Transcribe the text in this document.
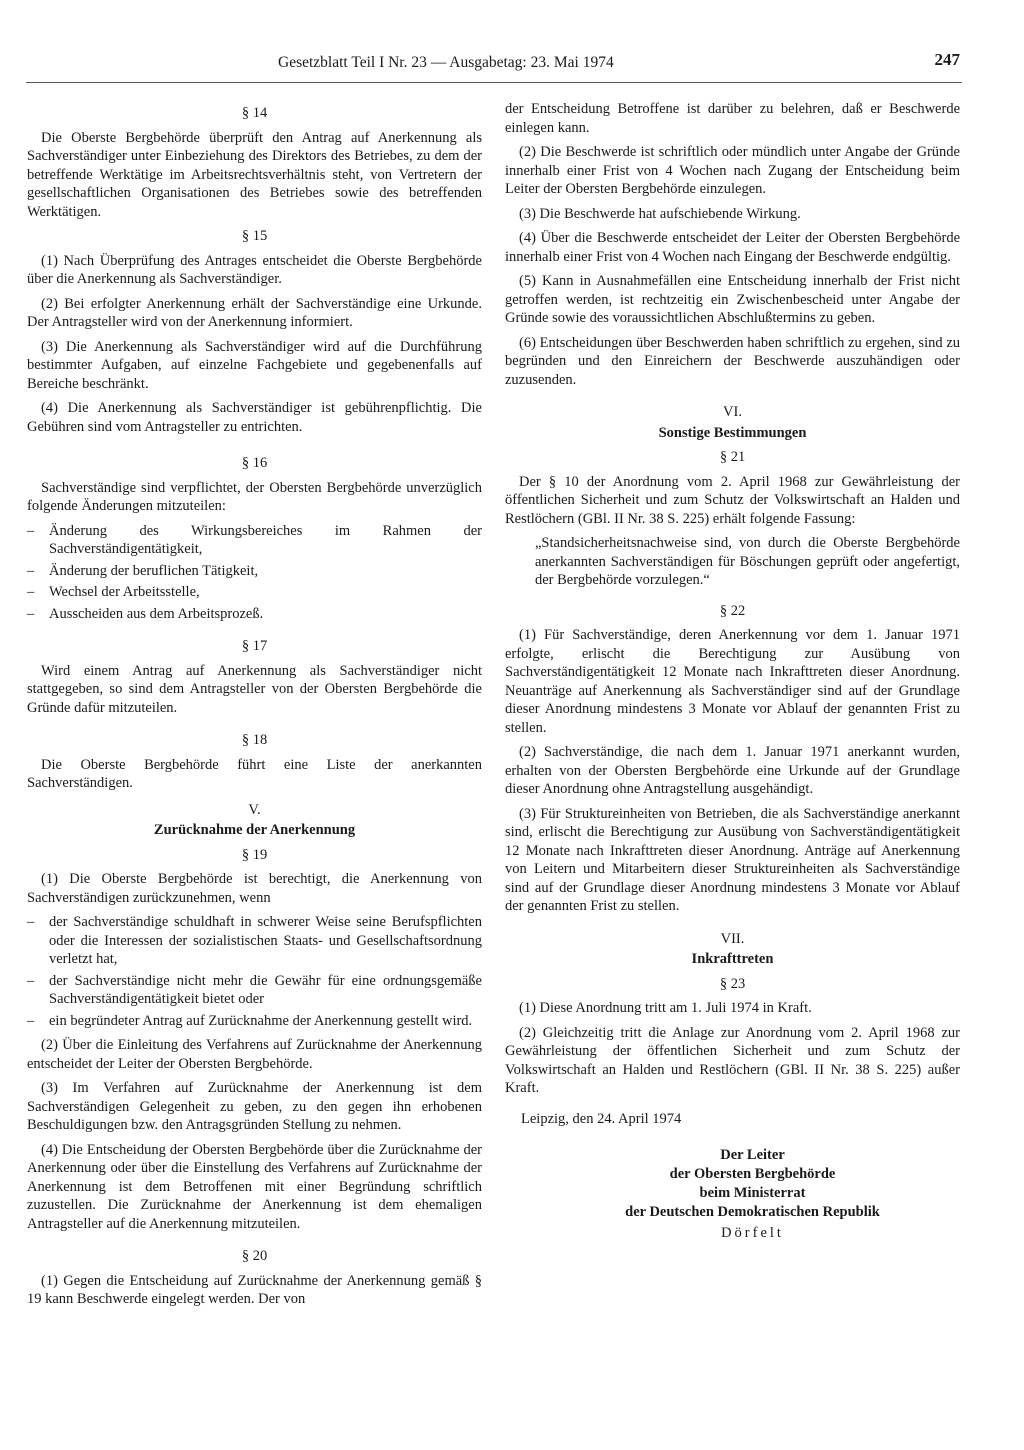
Gesetzblatt Teil I Nr. 23 — Ausgabetag: 23. Mai 1974	247
§ 14
Die Oberste Bergbehörde überprüft den Antrag auf Anerkennung als Sachverständiger unter Einbeziehung des Direktors des Betriebes, zu dem der betreffende Werktätige im Arbeitsrechtsverhältnis steht, von Vertretern der gesellschaftlichen Organisationen des Betriebes sowie des betreffenden Werktätigen.
§ 15
(1) Nach Überprüfung des Antrages entscheidet die Oberste Bergbehörde über die Anerkennung als Sachverständiger.
(2) Bei erfolgter Anerkennung erhält der Sachverständige eine Urkunde. Der Antragsteller wird von der Anerkennung informiert.
(3) Die Anerkennung als Sachverständiger wird auf die Durchführung bestimmter Aufgaben, auf einzelne Fachgebiete und gegebenenfalls auf Bereiche beschränkt.
(4) Die Anerkennung als Sachverständiger ist gebührenpflichtig. Die Gebühren sind vom Antragsteller zu entrichten.
§ 16
Sachverständige sind verpflichtet, der Obersten Bergbehörde unverzüglich folgende Änderungen mitzuteilen:
– Änderung des Wirkungsbereiches im Rahmen der Sachverständigentätigkeit,
– Änderung der beruflichen Tätigkeit,
– Wechsel der Arbeitsstelle,
– Ausscheiden aus dem Arbeitsprozeß.
§ 17
Wird einem Antrag auf Anerkennung als Sachverständiger nicht stattgegeben, so sind dem Antragsteller von der Obersten Bergbehörde die Gründe dafür mitzuteilen.
§ 18
Die Oberste Bergbehörde führt eine Liste der anerkannten Sachverständigen.
V.
Zurücknahme der Anerkennung
§ 19
(1) Die Oberste Bergbehörde ist berechtigt, die Anerkennung von Sachverständigen zurückzunehmen, wenn
– der Sachverständige schuldhaft in schwerer Weise seine Berufspflichten oder die Interessen der sozialistischen Staats- und Gesellschaftsordnung verletzt hat,
– der Sachverständige nicht mehr die Gewähr für eine ordnungsgemäße Sachverständigentätigkeit bietet oder
– ein begründeter Antrag auf Zurücknahme der Anerkennung gestellt wird.
(2) Über die Einleitung des Verfahrens auf Zurücknahme der Anerkennung entscheidet der Leiter der Obersten Bergbehörde.
(3) Im Verfahren auf Zurücknahme der Anerkennung ist dem Sachverständigen Gelegenheit zu geben, zu den gegen ihn erhobenen Beschuldigungen bzw. den Antragsgründen Stellung zu nehmen.
(4) Die Entscheidung der Obersten Bergbehörde über die Zurücknahme der Anerkennung oder über die Einstellung des Verfahrens auf Zurücknahme der Anerkennung ist dem Betroffenen mit einer Begründung schriftlich zuzustellen. Die Zurücknahme der Anerkennung ist dem ehemaligen Antragsteller auf die Anerkennung mitzuteilen.
§ 20
(1) Gegen die Entscheidung auf Zurücknahme der Anerkennung gemäß § 19 kann Beschwerde eingelegt werden. Der von
der Entscheidung Betroffene ist darüber zu belehren, daß er Beschwerde einlegen kann.
(2) Die Beschwerde ist schriftlich oder mündlich unter Angabe der Gründe innerhalb einer Frist von 4 Wochen nach Zugang der Entscheidung beim Leiter der Obersten Bergbehörde einzulegen.
(3) Die Beschwerde hat aufschiebende Wirkung.
(4) Über die Beschwerde entscheidet der Leiter der Obersten Bergbehörde innerhalb einer Frist von 4 Wochen nach Eingang der Beschwerde endgültig.
(5) Kann in Ausnahmefällen eine Entscheidung innerhalb der Frist nicht getroffen werden, ist rechtzeitig ein Zwischenbescheid unter Angabe der Gründe sowie des voraussichtlichen Abschlußtermins zu geben.
(6) Entscheidungen über Beschwerden haben schriftlich zu ergehen, sind zu begründen und den Einreichern der Beschwerde auszuhändigen oder zuzusenden.
VI.
Sonstige Bestimmungen
§ 21
Der § 10 der Anordnung vom 2. April 1968 zur Gewährleistung der öffentlichen Sicherheit und zum Schutz der Volkswirtschaft an Halden und Restlöchern (GBl. II Nr. 38 S. 225) erhält folgende Fassung:
„Standsicherheitsnachweise sind, von durch die Oberste Bergbehörde anerkannten Sachverständigen für Böschungen geprüft oder angefertigt, der Bergbehörde vorzulegen.“
§ 22
(1) Für Sachverständige, deren Anerkennung vor dem 1. Januar 1971 erfolgte, erlischt die Berechtigung zur Ausübung von Sachverständigentätigkeit 12 Monate nach Inkrafttreten dieser Anordnung. Neuanträge auf Anerkennung als Sachverständiger sind auf der Grundlage dieser Anordnung mindestens 3 Monate vor Ablauf der genannten Frist zu stellen.
(2) Sachverständige, die nach dem 1. Januar 1971 anerkannt wurden, erhalten von der Obersten Bergbehörde eine Urkunde auf der Grundlage dieser Anordnung ohne Antragstellung ausgehändigt.
(3) Für Struktureinheiten von Betrieben, die als Sachverständige anerkannt sind, erlischt die Berechtigung zur Ausübung von Sachverständigentätigkeit 12 Monate nach Inkrafttreten dieser Anordnung. Anträge auf Anerkennung von Leitern und Mitarbeitern dieser Struktureinheiten als Sachverständige sind auf der Grundlage dieser Anordnung mindestens 3 Monate vor Ablauf der genannten Frist zu stellen.
VII.
Inkrafttreten
§ 23
(1) Diese Anordnung tritt am 1. Juli 1974 in Kraft.
(2) Gleichzeitig tritt die Anlage zur Anordnung vom 2. April 1968 zur Gewährleistung der öffentlichen Sicherheit und zum Schutz der Volkswirtschaft an Halden und Restlöchern (GBl. II Nr. 38 S. 225) außer Kraft.
Leipzig, den 24. April 1974
Der Leiter
der Obersten Bergbehörde
beim Ministerrat
der Deutschen Demokratischen Republik
Dörfelt
